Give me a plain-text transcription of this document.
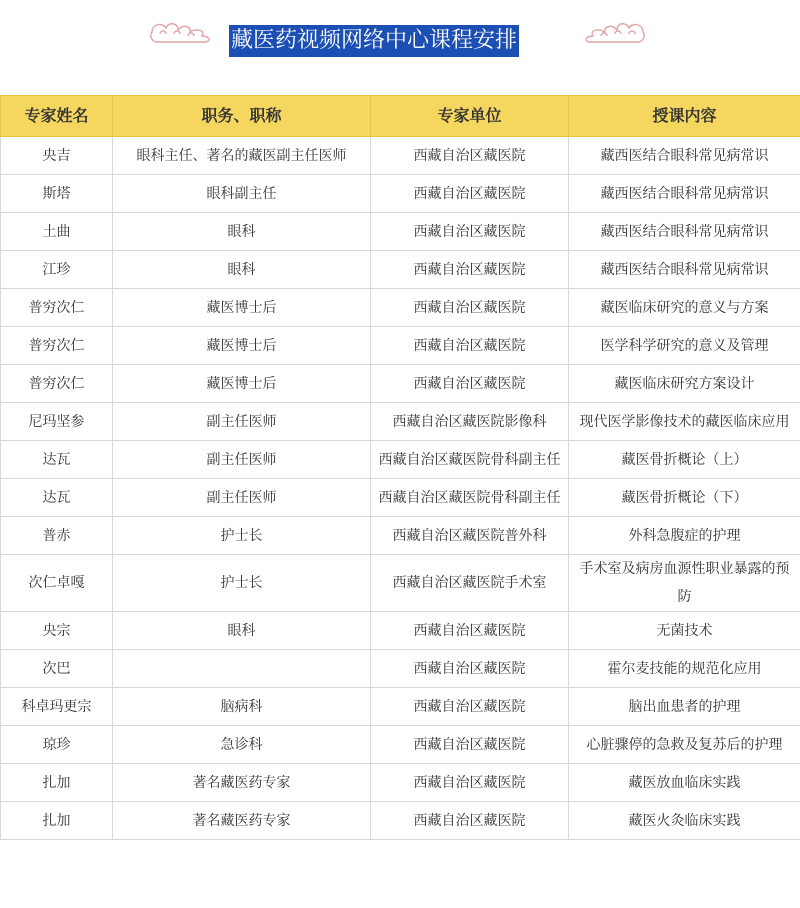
藏医药视频网络中心课程安排
专家姓名	职务、职称	专家单位	授课内容
央吉	眼科主任、著名的藏医副主任医师	西藏自治区藏医院	藏西医结合眼科常见病常识
斯塔	眼科副主任	西藏自治区藏医院	藏西医结合眼科常见病常识
土曲	眼科	西藏自治区藏医院	藏西医结合眼科常见病常识
江珍	眼科	西藏自治区藏医院	藏西医结合眼科常见病常识
普穷次仁	藏医博士后	西藏自治区藏医院	藏医临床研究的意义与方案
普穷次仁	藏医博士后	西藏自治区藏医院	医学科学研究的意义及管理
普穷次仁	藏医博士后	西藏自治区藏医院	藏医临床研究方案设计
尼玛坚参	副主任医师	西藏自治区藏医院影像科	现代医学影像技术的藏医临床应用
达瓦	副主任医师	西藏自治区藏医院骨科副主任	藏医骨折概论（上）
达瓦	副主任医师	西藏自治区藏医院骨科副主任	藏医骨折概论（下）
普赤	护士长	西藏自治区藏医院普外科	外科急腹症的护理
次仁卓嘎	护士长	西藏自治区藏医院手术室	手术室及病房血源性职业暴露的预防
央宗	眼科	西藏自治区藏医院	无菌技术
次巴		西藏自治区藏医院	霍尔麦技能的规范化应用
科卓玛更宗	脑病科	西藏自治区藏医院	脑出血患者的护理
琼珍	急诊科	西藏自治区藏医院	心脏骤停的急救及复苏后的护理
扎加	著名藏医药专家	西藏自治区藏医院	藏医放血临床实践
扎加	著名藏医药专家	西藏自治区藏医院	藏医火灸临床实践
